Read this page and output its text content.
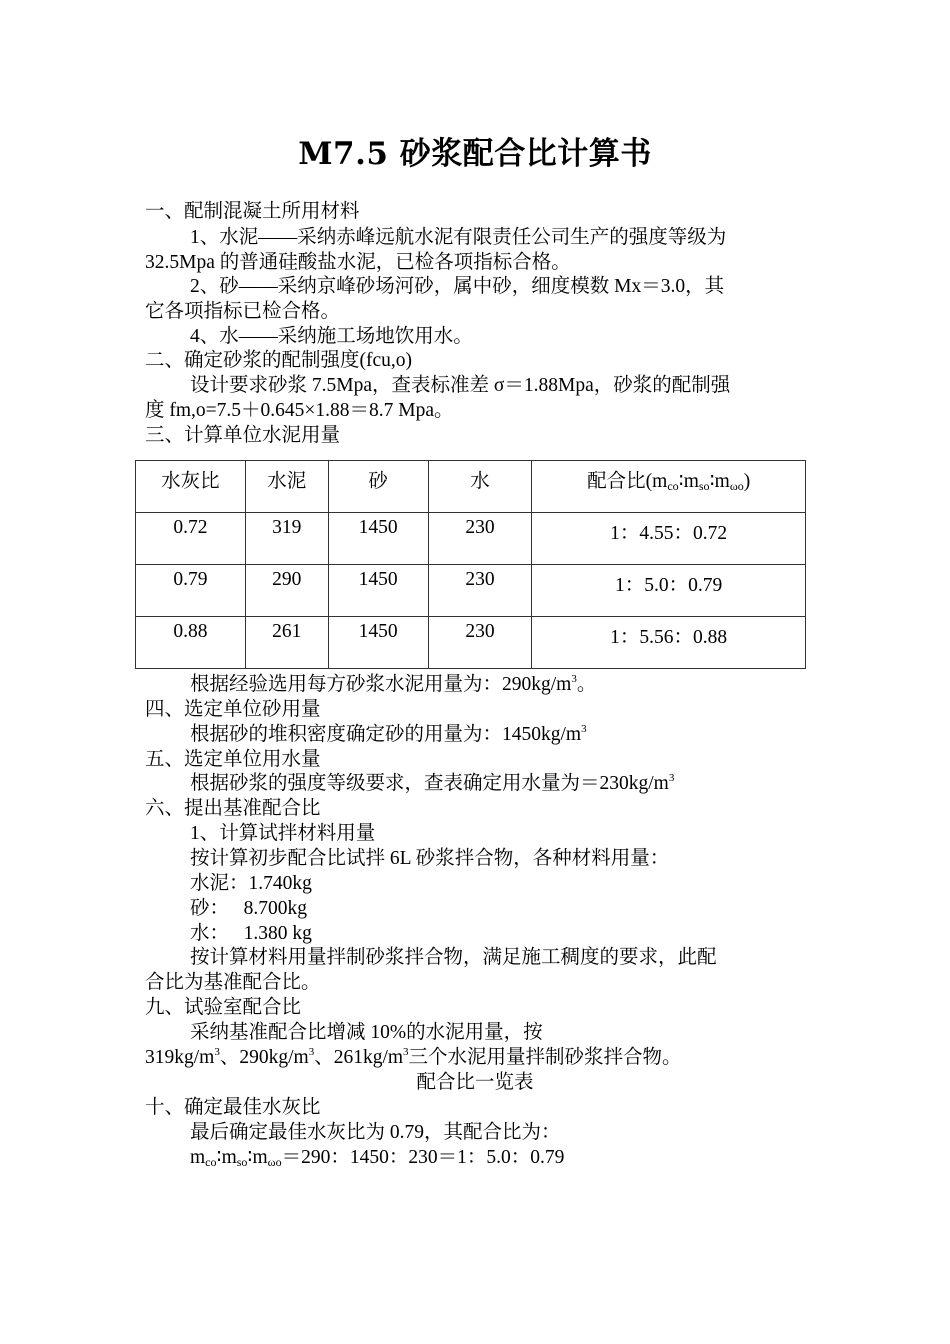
M7.5 砂浆配合比计算书
一、配制混凝土所用材料
1、水泥——采纳赤峰远航水泥有限责任公司生产的强度等级为
32.5Mpa 的普通硅酸盐水泥，已检各项指标合格。
2、砂——采纳京峰砂场河砂，属中砂，细度模数 Mx＝3.0，其
它各项指标已检合格。
4、水——采纳施工场地饮用水。
二、确定砂浆的配制强度(fcu,o)
设计要求砂浆 7.5Mpa，查表标准差 σ＝1.88Mpa，砂浆的配制强
度 fm,o=7.5＋0.645×1.88＝8.7 Mpa。
三、计算单位水泥用量
水灰比	水泥	砂	水	配合比$(m_{co}∶m_{so}∶m_{\omega o})$
0.72	319	1450	230	1：4.55：0.72
0.79	290	1450	230	1：5.0：0.79
0.88	261	1450	230	1：5.56：0.88
根据经验选用每方砂浆水泥用量为：$290kg/m^3$。
四、选定单位砂用量
根据砂的堆积密度确定砂的用量为：$1450kg/m^3$
五、选定单位用水量
根据砂浆的强度等级要求，查表确定用水量为$=230kg/m^3$
六、提出基准配合比
1、计算试拌材料用量
按计算初步配合比试拌 6L 砂浆拌合物，各种材料用量：
水泥：1.740kg
砂：   8.700kg
水：   1.380 kg
按计算材料用量拌制砂浆拌合物，满足施工稠度的要求，此配
合比为基准配合比。
九、试验室配合比
采纳基准配合比增减 10%的水泥用量，按
$319kg/m^3$、$290kg/m^3$、$261kg/m^3$三个水泥用量拌制砂浆拌合物。
配合比一览表
十、确定最佳水灰比
最后确定最佳水灰比为 0.79，其配合比为：
$m_{co}∶m_{so}∶m_{\omega o}=290$：1450：230＝1：5.0：0.79
